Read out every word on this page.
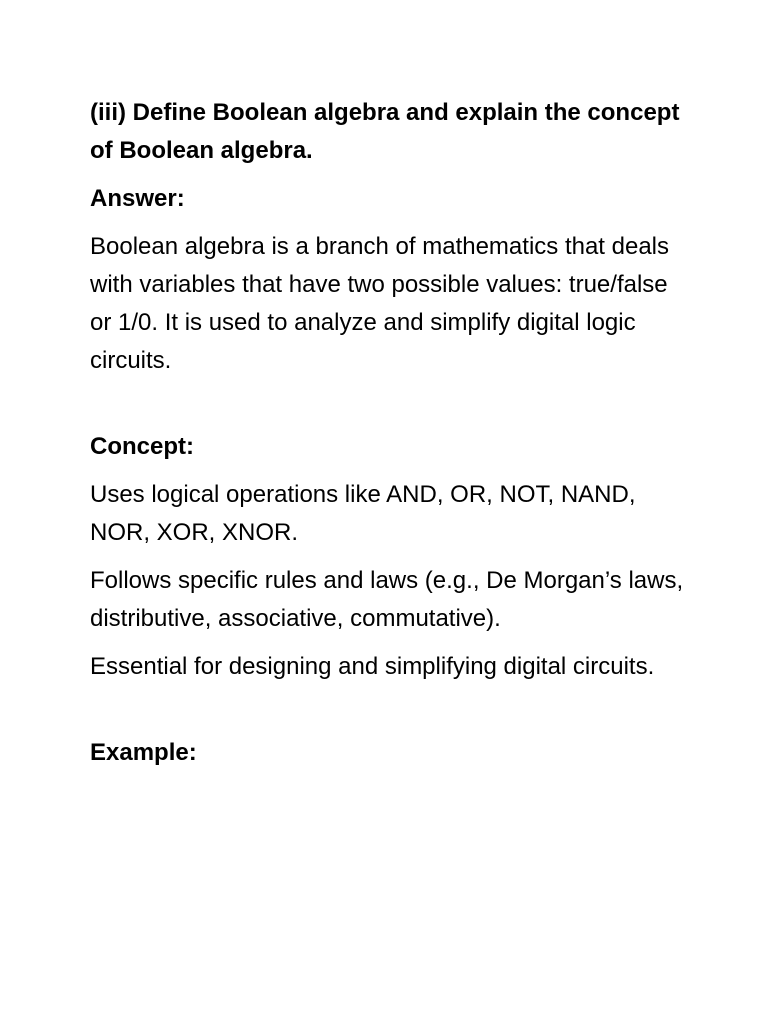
(iii) Define Boolean algebra and explain the concept of Boolean algebra.

Answer:

Boolean algebra is a branch of mathematics that deals with variables that have two possible values: true/false or 1/0. It is used to analyze and simplify digital logic circuits.

Concept:

Uses logical operations like AND, OR, NOT, NAND, NOR, XOR, XNOR.

Follows specific rules and laws (e.g., De Morgan’s laws, distributive, associative, commutative).

Essential for designing and simplifying digital circuits.

Example:
